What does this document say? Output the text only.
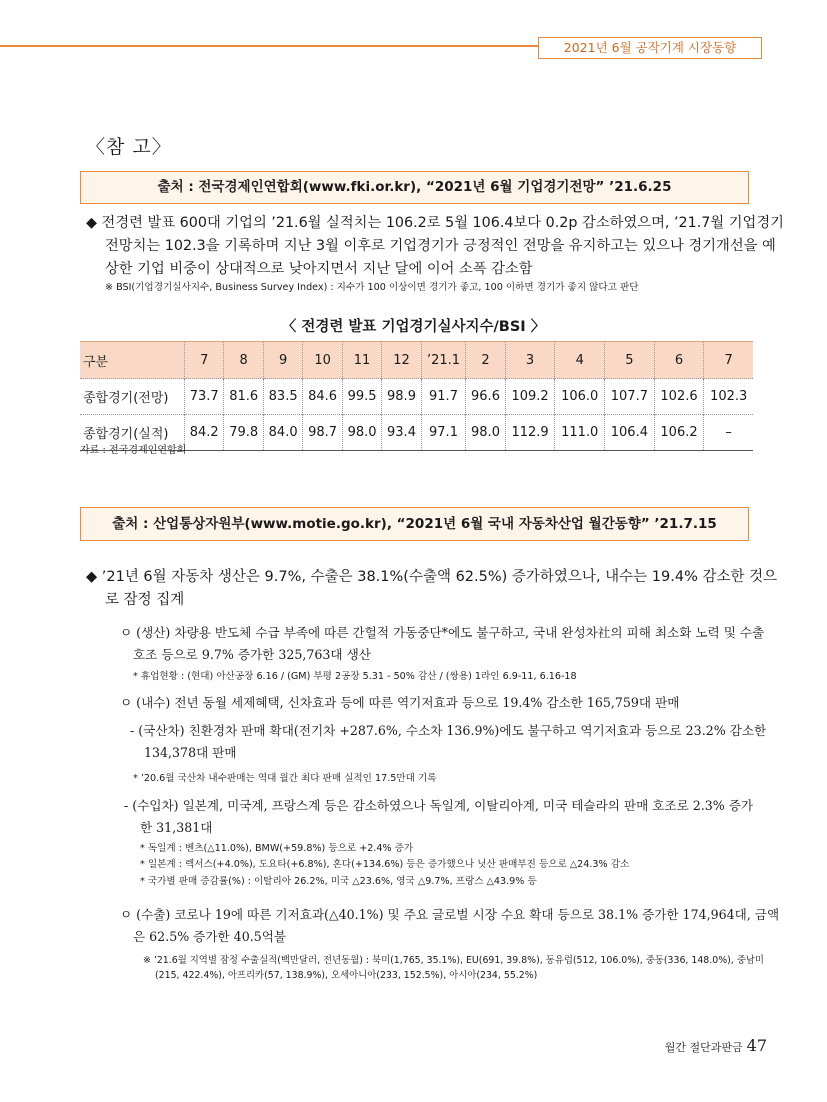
2021년 6월 공작기계 시장동향
〈참 고〉
출처 : 전국경제인연합회(www.fki.or.kr), “2021년 6월 기업경기전망” ’21.6.25
◆ 전경련 발표 600대 기업의 ’21.6월 실적치는 106.2로 5월 106.4보다 0.2p 감소하였으며, ’21.7월 기업경기
전망치는 102.3을 기록하며 지난 3월 이후로 기업경기가 긍정적인 전망을 유지하고는 있으나 경기개선을 예
상한 기업 비중이 상대적으로 낮아지면서 지난 달에 이어 소폭 감소함
※ BSI(기업경기실사지수, Business Survey Index) : 지수가 100 이상이면 경기가 좋고, 100 이하면 경기가 좋지 않다고 판단
〈 전경련 발표 기업경기실사지수/BSI 〉
구분	7	8	9	10	11	12	’21.1	2	3	4	5	6	7
종합경기(전망)	73.7	81.6	83.5	84.6	99.5	98.9	91.7	96.6	109.2	106.0	107.7	102.6	102.3
종합경기(실적)	84.2	79.8	84.0	98.7	98.0	93.4	97.1	98.0	112.9	111.0	106.4	106.2	–
자료 : 전국경제인연합회
출처 : 산업통상자원부(www.motie.go.kr), “2021년 6월 국내 자동차산업 월간동향” ’21.7.15
◆ ’21년 6월 자동차 생산은 9.7%, 수출은 38.1%(수출액 62.5%) 증가하였으나, 내수는 19.4% 감소한 것으
로 잠정 집계
ㅇ (생산) 차량용 반도체 수급 부족에 따른 간헐적 가동중단*에도 불구하고, 국내 완성차社의 피해 최소화 노력 및 수출
호조 등으로 9.7% 증가한 325,763대 생산
* 휴업현황 : (현대) 아산공장 6.16 / (GM) 부평 2공장 5.31 - 50% 감산 / (쌍용) 1라인 6.9-11, 6.16-18
ㅇ (내수) 전년 동월 세제혜택, 신차효과 등에 따른 역기저효과 등으로 19.4% 감소한 165,759대 판매
- (국산차) 친환경차 판매 확대(전기차 +287.6%, 수소차 136.9%)에도 불구하고 역기저효과 등으로 23.2% 감소한
134,378대 판매
* ’20.6월 국산차 내수판매는 역대 월간 최다 판매 실적인 17.5만대 기록
- (수입차) 일본계, 미국계, 프랑스계 등은 감소하였으나 독일계, 이탈리아계, 미국 테슬라의 판매 호조로 2.3% 증가
한 31,381대
* 독일계 : 벤츠(△11.0%), BMW(+59.8%) 등으로 +2.4% 증가
* 일본계 : 렉서스(+4.0%), 도요타(+6.8%), 혼다(+134.6%) 등은 증가했으나 닛산 판매부진 등으로 △24.3% 감소
* 국가별 판매 증감률(%) : 이탈리아 26.2%, 미국 △23.6%, 영국 △9.7%, 프랑스 △43.9% 등
ㅇ (수출) 코로나 19에 따른 기저효과(△40.1%) 및 주요 글로벌 시장 수요 확대 등으로 38.1% 증가한 174,964대, 금액
은 62.5% 증가한 40.5억불
※ ’21.6월 지역별 잠정 수출실적(백만달러, 전년동월) : 북미(1,765, 35.1%), EU(691, 39.8%), 동유럽(512, 106.0%), 중동(336, 148.0%), 중남미
(215, 422.4%), 아프리카(57, 138.9%), 오세아니아(233, 152.5%), 아시아(234, 55.2%)
월간 절단과판금 47
